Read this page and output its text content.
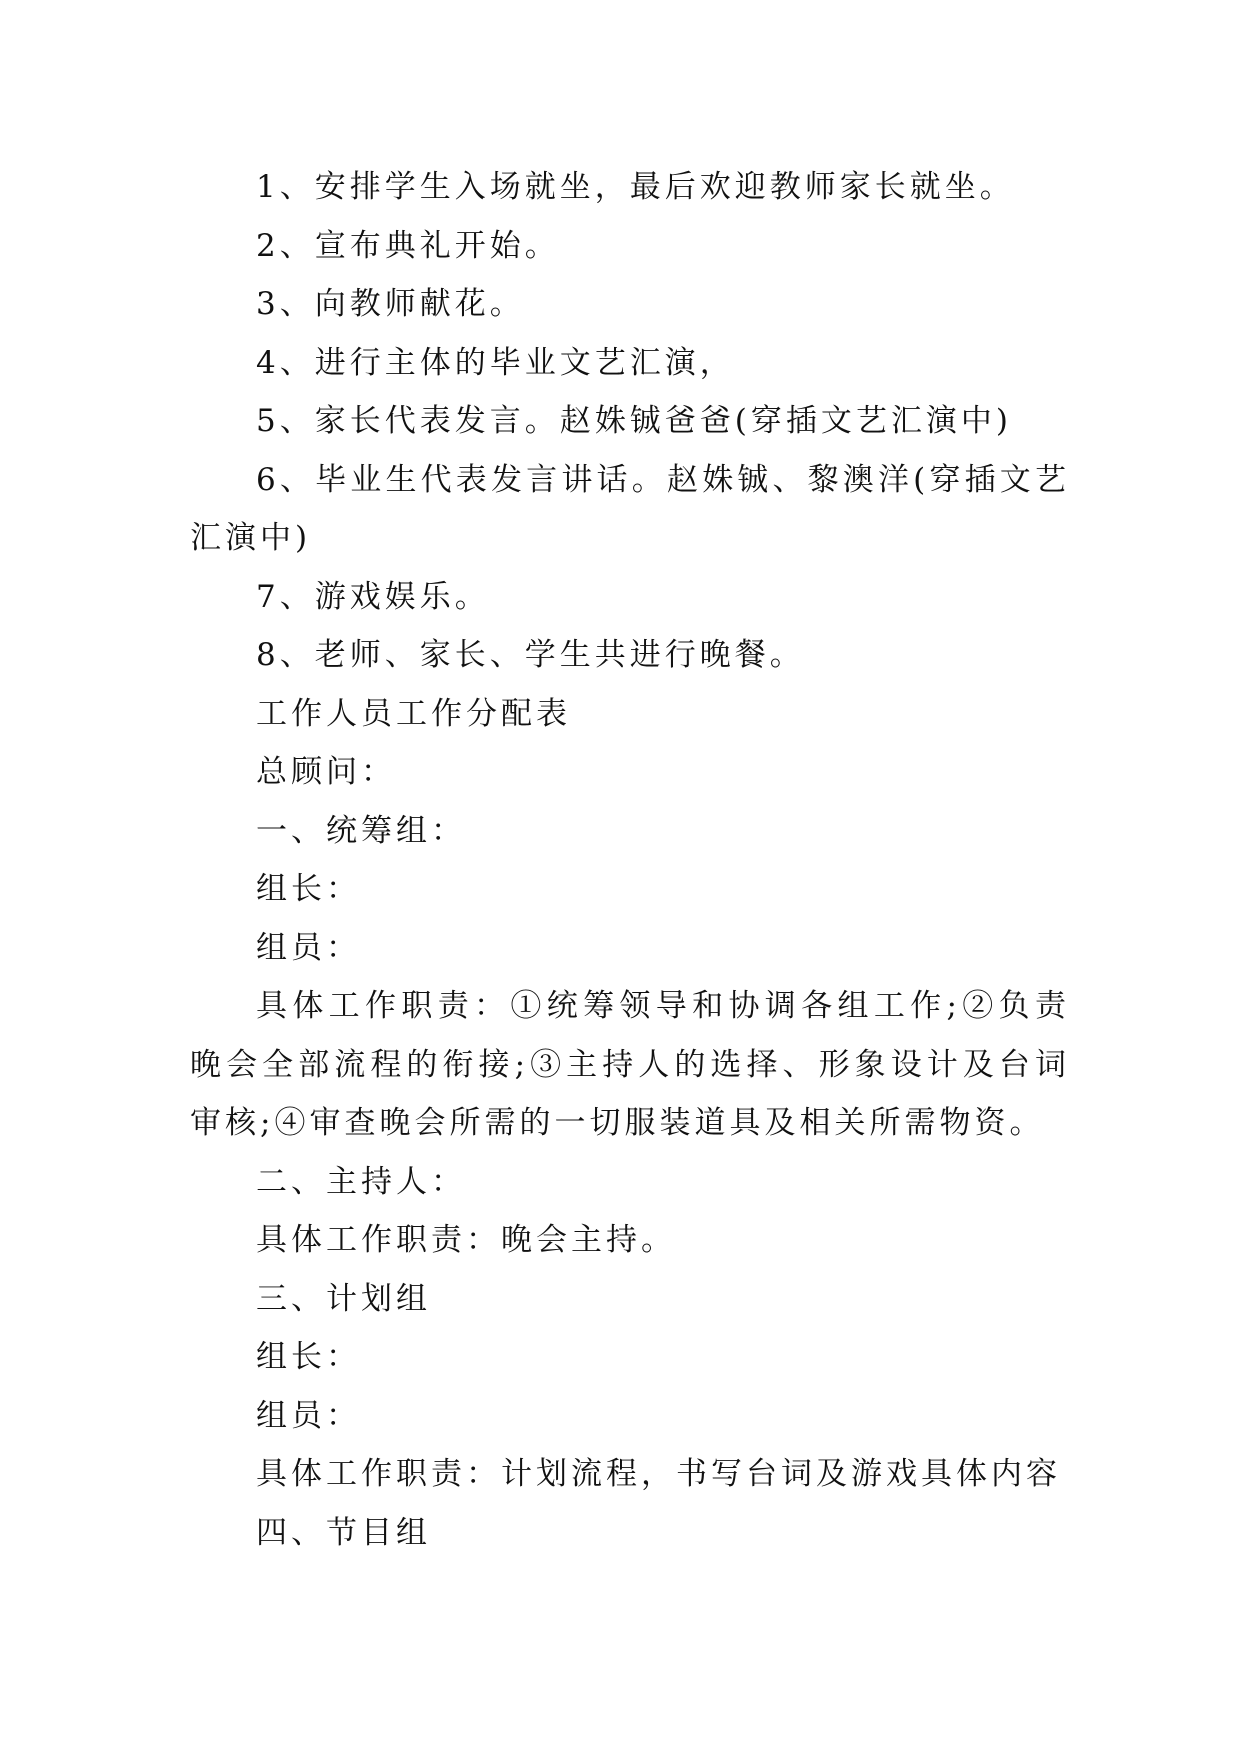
1、安排学生入场就坐，最后欢迎教师家长就坐。

2、宣布典礼开始。

3、向教师献花。

4、进行主体的毕业文艺汇演，

5、家长代表发言。赵姝铖爸爸(穿插文艺汇演中)

6、毕业生代表发言讲话。赵姝铖、黎澳洋(穿插文艺汇演中)

7、游戏娱乐。

8、老师、家长、学生共进行晚餐。

工作人员工作分配表

总顾问：

一、统筹组：

组长：

组员：

具体工作职责：①统筹领导和协调各组工作;②负责晚会全部流程的衔接;③主持人的选择、形象设计及台词审核;④审查晚会所需的一切服装道具及相关所需物资。

二、主持人：

具体工作职责：晚会主持。

三、计划组

组长：

组员：

具体工作职责：计划流程，书写台词及游戏具体内容

四、节目组
